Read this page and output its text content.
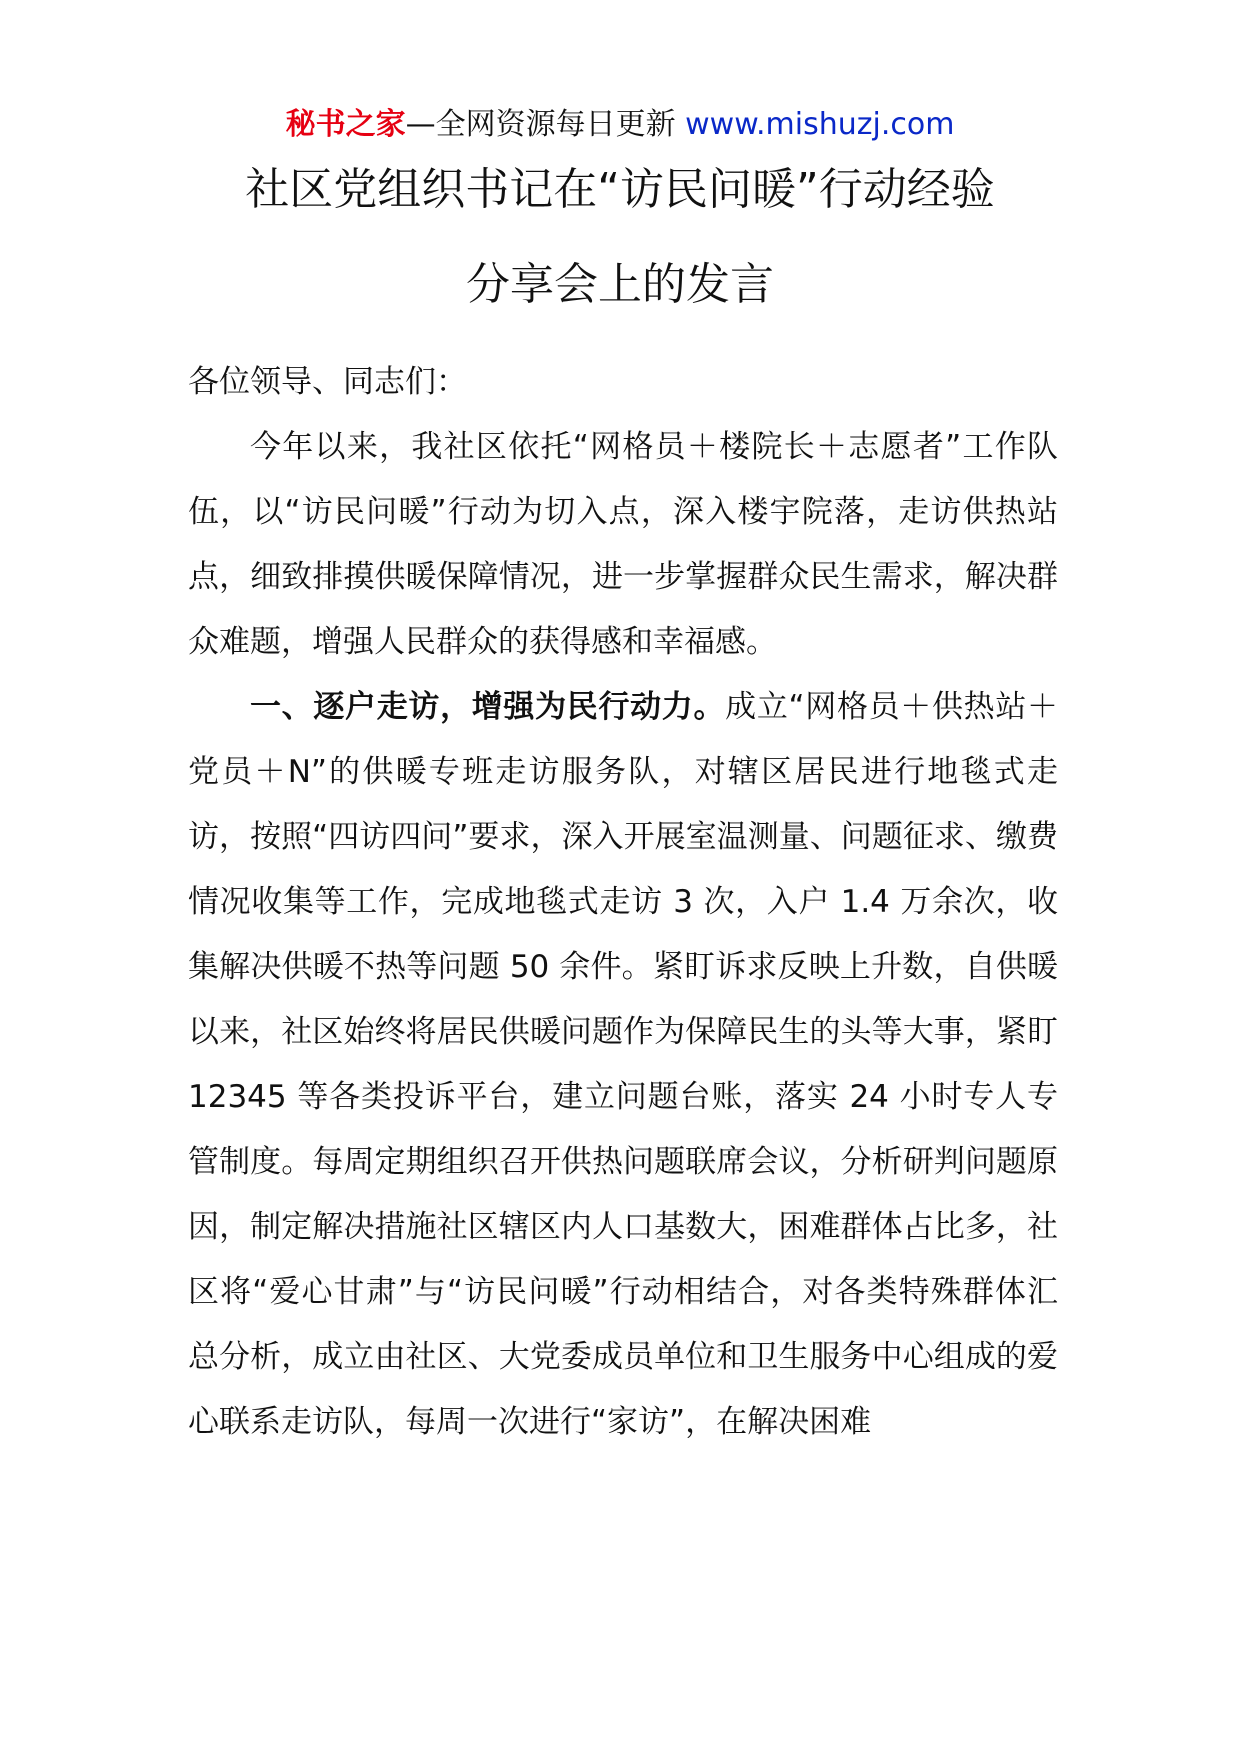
秘书之家—全网资源每日更新 www.mishuzj.com
社区党组织书记在“访民问暖”行动经验
分享会上的发言

各位领导、同志们：

今年以来，我社区依托“网格员＋楼院长＋志愿者”工作队伍，以“访民问暖”行动为切入点，深入楼宇院落，走访供热站点，细致排摸供暖保障情况，进一步掌握群众民生需求，解决群众难题，增强人民群众的获得感和幸福感。

一、逐户走访，增强为民行动力。成立“网格员＋供热站＋党员＋N”的供暖专班走访服务队，对辖区居民进行地毯式走访，按照“四访四问”要求，深入开展室温测量、问题征求、缴费情况收集等工作，完成地毯式走访 3 次，入户 1.4 万余次，收集解决供暖不热等问题 50 余件。紧盯诉求反映上升数，自供暖以来，社区始终将居民供暖问题作为保障民生的头等大事，紧盯 12345 等各类投诉平台，建立问题台账，落实 24 小时专人专管制度。每周定期组织召开供热问题联席会议，分析研判问题原因，制定解决措施社区辖区内人口基数大，困难群体占比多，社区将“爱心甘肃”与“访民问暖”行动相结合，对各类特殊群体汇总分析，成立由社区、大党委成员单位和卫生服务中心组成的爱心联系走访队，每周一次进行“家访”，在解决困难
